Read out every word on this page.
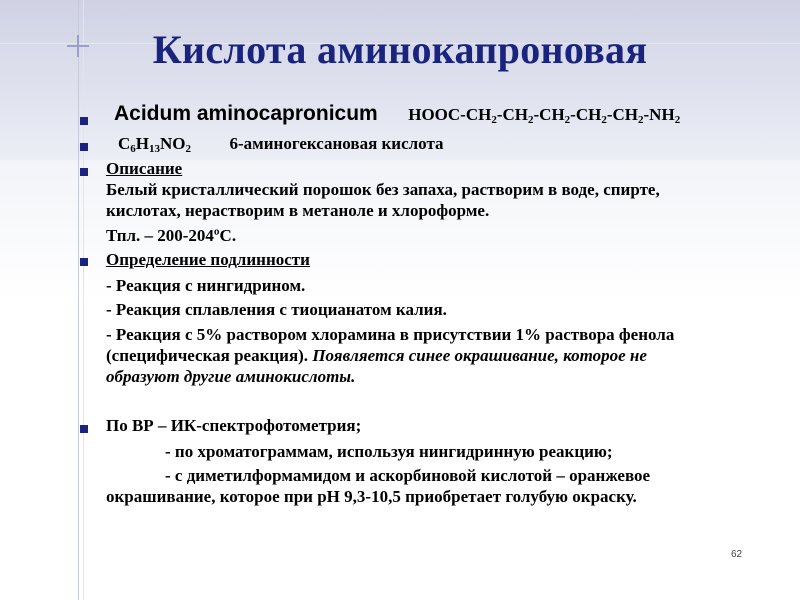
Кислота аминокапроновая
Acidum aminocapronicum HOOC-CH2-CH2-CH2-CH2-CH2-NH2
C6H13NO2 6-аминогексановая кислота
Описание
Белый кристаллический порошок без запаха, растворим в воде, спирте,
кислотах, нерастворим в метаноле и хлороформе.
Тпл. – 200-204ºС.
Определение подлинности
- Реакция с нингидрином.
- Реакция сплавления с тиоцианатом калия.
- Реакция с 5% раствором хлорамина в присутствии 1% раствора фенола
(специфическая реакция). Появляется синее окрашивание, которое не
образуют другие аминокислоты.
По ВР – ИК-спектрофотометрия;
- по хроматограммам, используя нингидринную реакцию;
- с диметилформамидом и аскорбиновой кислотой – оранжевое
окрашивание, которое при рН 9,3-10,5 приобретает голубую окраску.
62
